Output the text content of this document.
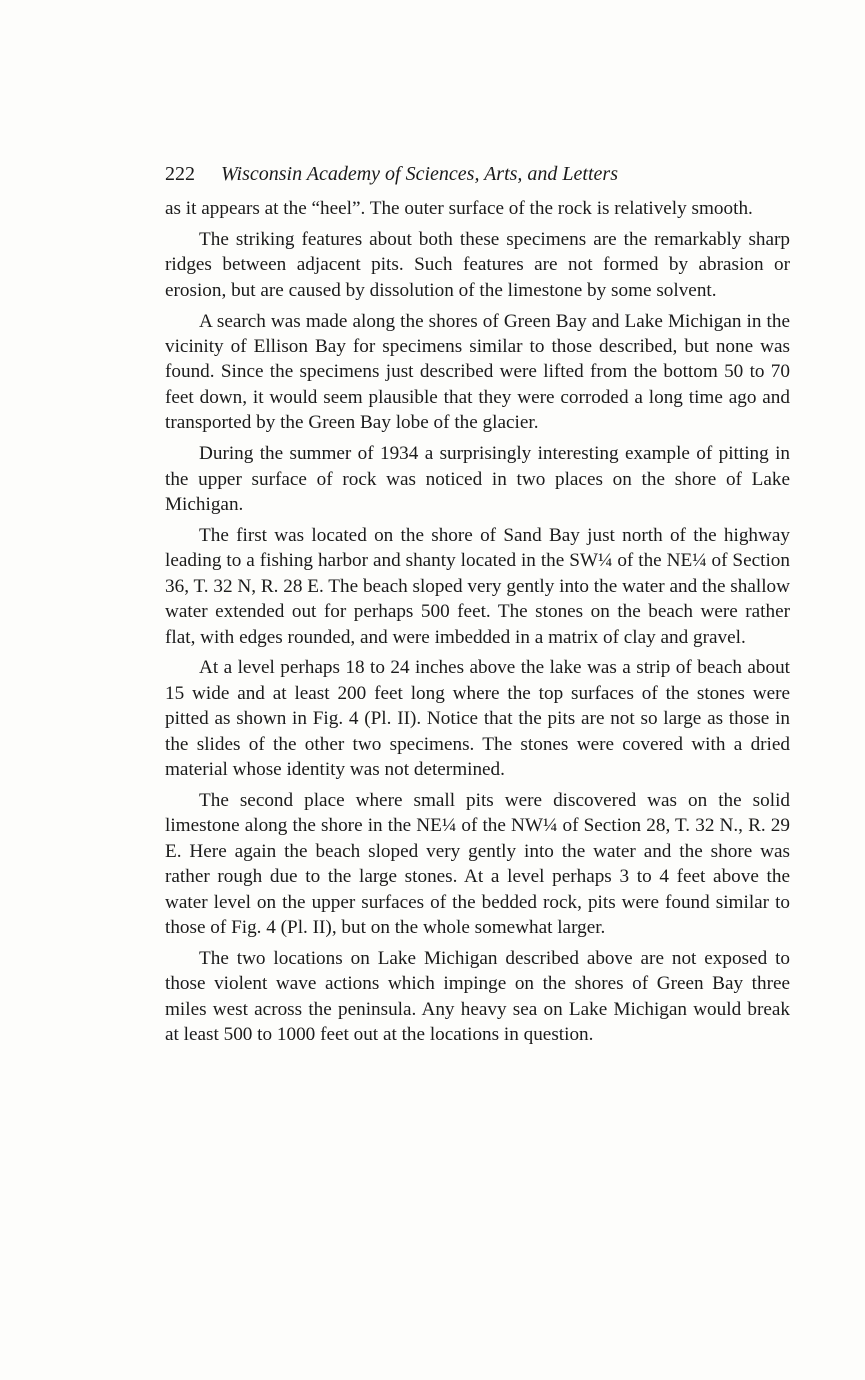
222 Wisconsin Academy of Sciences, Arts, and Letters

as it appears at the “heel”. The outer surface of the rock is relatively smooth.

The striking features about both these specimens are the remarkably sharp ridges between adjacent pits. Such features are not formed by abrasion or erosion, but are caused by dissolution of the limestone by some solvent.

A search was made along the shores of Green Bay and Lake Michigan in the vicinity of Ellison Bay for specimens similar to those described, but none was found. Since the specimens just described were lifted from the bottom 50 to 70 feet down, it would seem plausible that they were corroded a long time ago and transported by the Green Bay lobe of the glacier.

During the summer of 1934 a surprisingly interesting example of pitting in the upper surface of rock was noticed in two places on the shore of Lake Michigan.

The first was located on the shore of Sand Bay just north of the highway leading to a fishing harbor and shanty located in the SW¼ of the NE¼ of Section 36, T. 32 N, R. 28 E. The beach sloped very gently into the water and the shallow water extended out for perhaps 500 feet. The stones on the beach were rather flat, with edges rounded, and were imbedded in a matrix of clay and gravel.

At a level perhaps 18 to 24 inches above the lake was a strip of beach about 15 wide and at least 200 feet long where the top surfaces of the stones were pitted as shown in Fig. 4 (Pl. II). Notice that the pits are not so large as those in the slides of the other two specimens. The stones were covered with a dried material whose identity was not determined.

The second place where small pits were discovered was on the solid limestone along the shore in the NE¼ of the NW¼ of Section 28, T. 32 N., R. 29 E. Here again the beach sloped very gently into the water and the shore was rather rough due to the large stones. At a level perhaps 3 to 4 feet above the water level on the upper surfaces of the bedded rock, pits were found similar to those of Fig. 4 (Pl. II), but on the whole somewhat larger.

The two locations on Lake Michigan described above are not exposed to those violent wave actions which impinge on the shores of Green Bay three miles west across the peninsula. Any heavy sea on Lake Michigan would break at least 500 to 1000 feet out at the locations in question.
